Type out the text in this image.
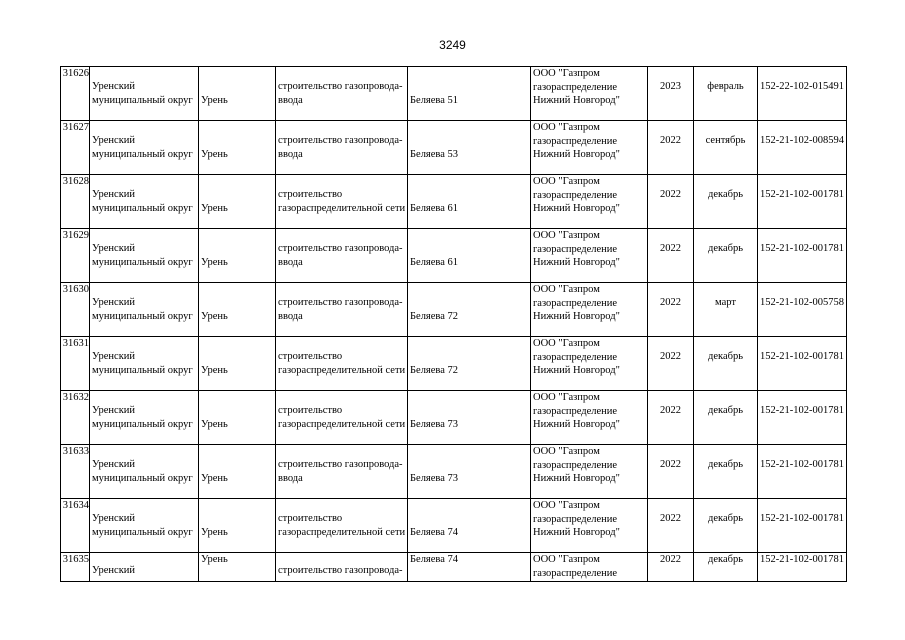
3249
31626	Уренский
муниципальный округ	Урень	строительство газопровода-
ввода	Беляева 51	ООО "Газпром
газораспределение
Нижний Новгород"	2023	февраль	152-22-102-015491

31627	Уренский
муниципальный округ	Урень	строительство газопровода-
ввода	Беляева 53	ООО "Газпром
газораспределение
Нижний Новгород"	2022	сентябрь	152-21-102-008594

31628	Уренский
муниципальный округ	Урень	строительство
газораспределительной сети	Беляева 61	ООО "Газпром
газораспределение
Нижний Новгород"	2022	декабрь	152-21-102-001781

31629	Уренский
муниципальный округ	Урень	строительство газопровода-
ввода	Беляева 61	ООО "Газпром
газораспределение
Нижний Новгород"	2022	декабрь	152-21-102-001781

31630	Уренский
муниципальный округ	Урень	строительство газопровода-
ввода	Беляева 72	ООО "Газпром
газораспределение
Нижний Новгород"	2022	март	152-21-102-005758

31631	Уренский
муниципальный округ	Урень	строительство
газораспределительной сети	Беляева 72	ООО "Газпром
газораспределение
Нижний Новгород"	2022	декабрь	152-21-102-001781

31632	Уренский
муниципальный округ	Урень	строительство
газораспределительной сети	Беляева 73	ООО "Газпром
газораспределение
Нижний Новгород"	2022	декабрь	152-21-102-001781

31633	Уренский
муниципальный округ	Урень	строительство газопровода-
ввода	Беляева 73	ООО "Газпром
газораспределение
Нижний Новгород"	2022	декабрь	152-21-102-001781

31634	Уренский
муниципальный округ	Урень	строительство
газораспределительной сети	Беляева 74	ООО "Газпром
газораспределение
Нижний Новгород"	2022	декабрь	152-21-102-001781

31635	Уренский	Урень	строительство газопровода-	Беляева 74	ООО "Газпром
газораспределение	2022	декабрь	152-21-102-001781
